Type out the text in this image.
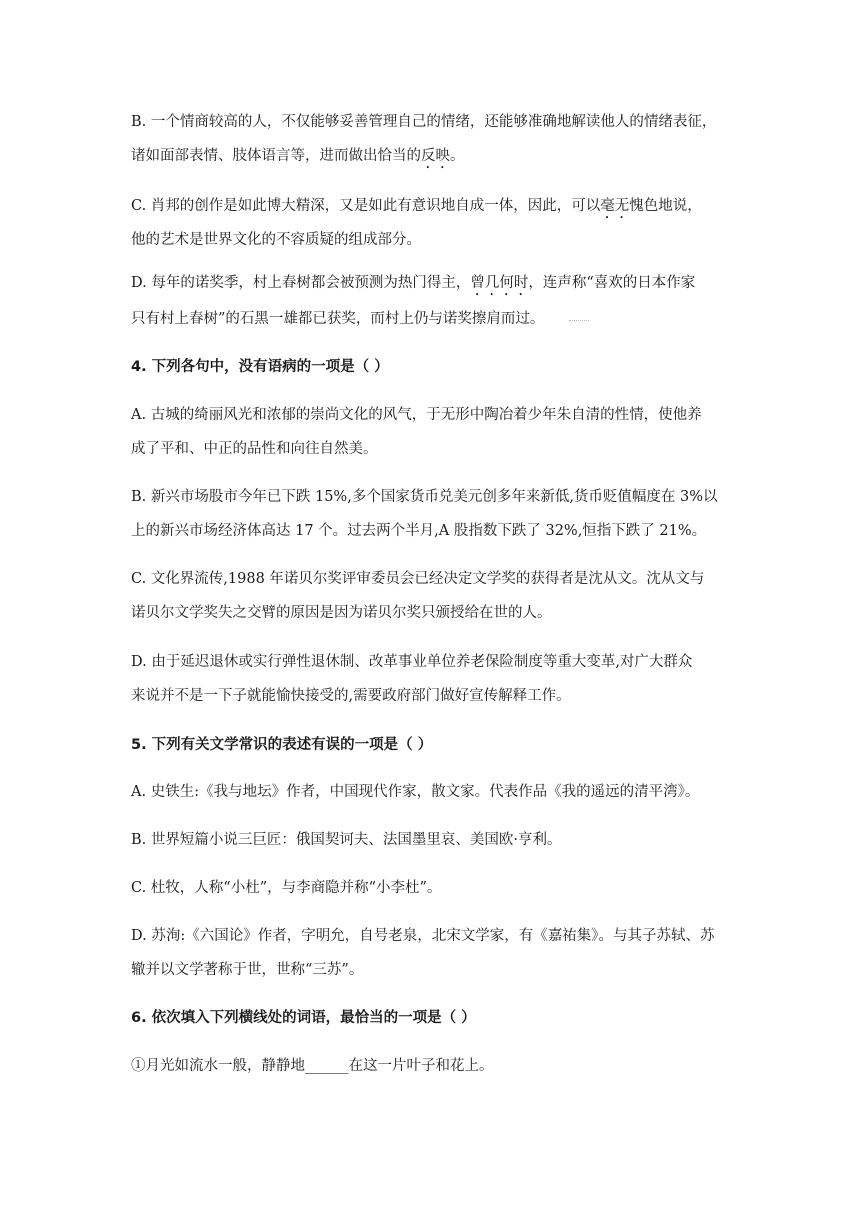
B. 一个情商较高的人，不仅能够妥善管理自己的情绪，还能够准确地解读他人的情绪表征，
诸如面部表情、肢体语言等，进而做出恰当的反映。
C. 肖邦的创作是如此博大精深，又是如此有意识地自成一体，因此，可以毫无愧色地说，
他的艺术是世界文化的不容质疑的组成部分。
D. 每年的诺奖季，村上春树都会被预测为热门得主，曾几何时，连声称“喜欢的日本作家
只有村上春树”的石黑一雄都已获奖，而村上仍与诺奖擦肩而过。
4. 下列各句中，没有语病的一项是（ ）
A. 古城的绮丽风光和浓郁的崇尚文化的风气，于无形中陶冶着少年朱自清的性情，使他养
成了平和、中正的品性和向往自然美。
B. 新兴市场股市今年已下跌 15%,多个国家货币兑美元创多年来新低,货币贬值幅度在 3%以
上的新兴市场经济体高达 17 个。过去两个半月,A 股指数下跌了 32%,恒指下跌了 21%。
C. 文化界流传,1988 年诺贝尔奖评审委员会已经决定文学奖的获得者是沈从文。沈从文与
诺贝尔文学奖失之交臂的原因是因为诺贝尔奖只颁授给在世的人。
D. 由于延迟退休或实行弹性退休制、改革事业单位养老保险制度等重大变革,对广大群众
来说并不是一下子就能愉快接受的,需要政府部门做好宣传解释工作。
5. 下列有关文学常识的表述有误的一项是（ ）
A. 史铁生:《我与地坛》作者，中国现代作家，散文家。代表作品《我的遥远的清平湾》。
B. 世界短篇小说三巨匠：俄国契诃夫、法国墨里哀、美国欧·亨利。
C. 杜牧，人称“小杜”，与李商隐并称“小李杜”。
D. 苏洵:《六国论》作者，字明允，自号老泉，北宋文学家，有《嘉祐集》。与其子苏轼、苏
辙并以文学著称于世，世称“三苏”。
6. 依次填入下列横线处的词语，最恰当的一项是（ ）
①月光如流水一般，静静地______在这一片叶子和花上。
